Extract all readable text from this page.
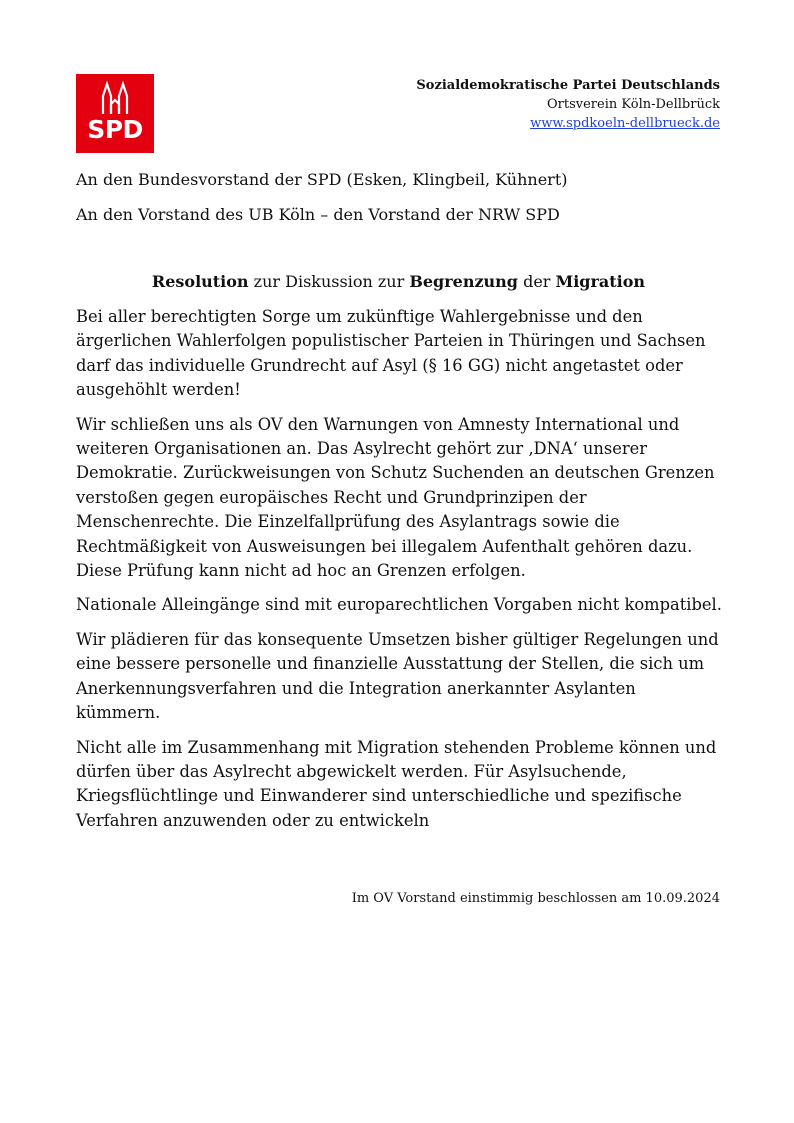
SPD
Sozialdemokratische Partei Deutschlands
Ortsverein Köln-Dellbrück
www.spdkoeln-dellbrueck.de

An den Bundesvorstand der SPD (Esken, Klingbeil, Kühnert)

An den Vorstand des UB Köln – den Vorstand der NRW SPD

Resolution zur Diskussion zur Begrenzung der Migration

Bei aller berechtigten Sorge um zukünftige Wahlergebnisse und den ärgerlichen Wahlerfolgen populistischer Parteien in Thüringen und Sachsen darf das individuelle Grundrecht auf Asyl (§ 16 GG) nicht angetastet oder ausgehöhlt werden!

Wir schließen uns als OV den Warnungen von Amnesty International und weiteren Organisationen an. Das Asylrecht gehört zur ‚DNA‘ unserer Demokratie. Zurückweisungen von Schutz Suchenden an deutschen Grenzen verstoßen gegen europäisches Recht und Grundprinzipen der Menschenrechte. Die Einzelfallprüfung des Asylantrags sowie die Rechtmäßigkeit von Ausweisungen bei illegalem Aufenthalt gehören dazu. Diese Prüfung kann nicht ad hoc an Grenzen erfolgen.

Nationale Alleingänge sind mit europarechtlichen Vorgaben nicht kompatibel.

Wir plädieren für das konsequente Umsetzen bisher gültiger Regelungen und eine bessere personelle und finanzielle Ausstattung der Stellen, die sich um Anerkennungsverfahren und die Integration anerkannter Asylanten kümmern.

Nicht alle im Zusammenhang mit Migration stehenden Probleme können und dürfen über das Asylrecht abgewickelt werden. Für Asylsuchende, Kriegsflüchtlinge und Einwanderer sind unterschiedliche und spezifische Verfahren anzuwenden oder zu entwickeln

Im OV Vorstand einstimmig beschlossen am 10.09.2024
